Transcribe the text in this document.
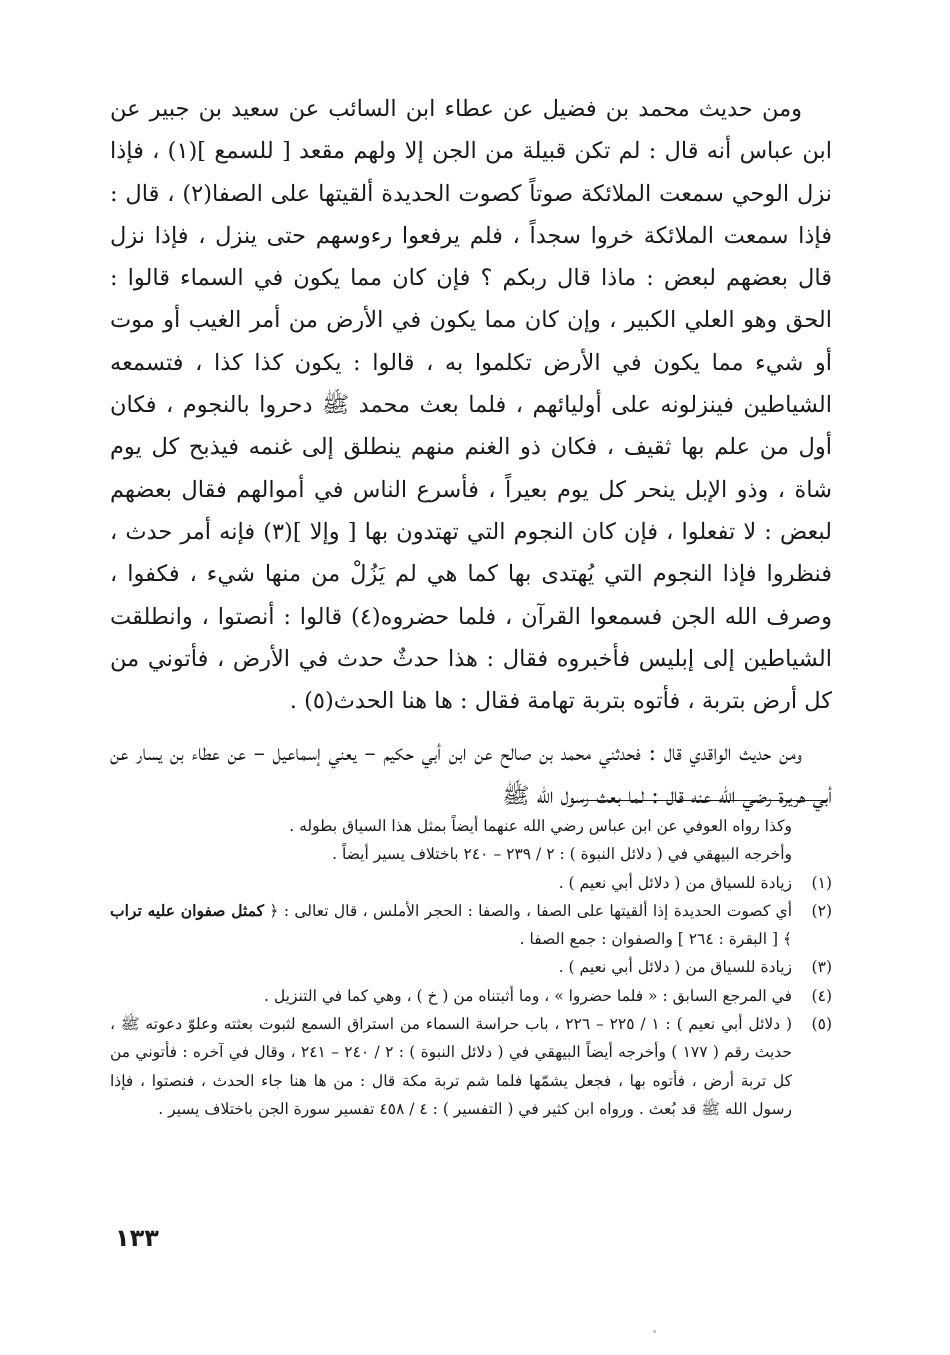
ومن حديث محمد بن فضيل عن عطاء ابن السائب عن سعيد بن جبير عن ابن عباس أنه قال : لم تكن قبيلة من الجن إلا ولهم مقعد [ للسمع ](١) ، فإذا نزل الوحي سمعت الملائكة صوتاً كصوت الحديدة ألقيتها على الصفا(٢) ، قال : فإذا سمعت الملائكة خروا سجداً ، فلم يرفعوا رءوسهم حتى ينزل ، فإذا نزل قال بعضهم لبعض : ماذا قال ربكم ؟ فإن كان مما يكون في السماء قالوا : الحق وهو العلي الكبير ، وإن كان مما يكون في الأرض من أمر الغيب أو موت أو شيء مما يكون في الأرض تكلموا به ، قالوا : يكون كذا كذا ، فتسمعه الشياطين فينزلونه على أوليائهم ، فلما بعث محمد ﷺ دحروا بالنجوم ، فكان أول من علم بها ثقيف ، فكان ذو الغنم منهم ينطلق إلى غنمه فيذبح كل يوم شاة ، وذو الإبل ينحر كل يوم بعيراً ، فأسرع الناس في أموالهم فقال بعضهم لبعض : لا تفعلوا ، فإن كان النجوم التي تهتدون بها [ وإلا ](٣) فإنه أمر حدث ، فنظروا فإذا النجوم التي يُهتدى بها كما هي لم يَزُلْ من منها شيء ، فكفوا ، وصرف الله الجن فسمعوا القرآن ، فلما حضروه(٤) قالوا : أنصتوا ، وانطلقت الشياطين إلى إبليس فأخبروه فقال : هذا حدثٌ حدث في الأرض ، فأتوني من كل أرض بتربة ، فأتوه بتربة تهامة فقال : ها هنا الحدث(٥) .

ومن حديث الواقدي قال : فحدثني محمد بن صالح عن ابن أبي حكيم – يعني إسماعيل – عن عطاء بن يسار عن أبي هريرة رضي الله عنه قال : لما بعث رسول الله ﷺ

وكذا رواه العوفي عن ابن عباس رضي الله عنهما أيضاً بمثل هذا السياق بطوله .

وأخرجه البيهقي في ( دلائل النبوة ) : ٢ / ٢٣٩ – ٢٤٠ باختلاف يسير أيضاً .

(١)
زيادة للسياق من ( دلائل أبي نعيم ) .
(٢)
أي كصوت الحديدة إذا ألقيتها على الصفا ، والصفا : الحجر الأملس ، قال تعالى : ﴿ كمثل صفوان عليه تراب ﴾ [ البقرة : ٢٦٤ ] والصفوان : جمع الصفا .
(٣)
زيادة للسياق من ( دلائل أبي نعيم ) .
(٤)
في المرجع السابق : « فلما حضروا » ، وما أثبتناه من ( خ ) ، وهي كما في التنزيل .
(٥)
( دلائل أبي نعيم ) : ١ / ٢٢٥ – ٢٢٦ ، باب حراسة السماء من استراق السمع لثبوت بعثته وعلوّ دعوته ﷺ ، حديث رقم ( ١٧٧ ) وأخرجه أيضاً البيهقي في ( دلائل النبوة ) : ٢ / ٢٤٠ – ٢٤١ ، وقال في آخره : فأتوني من كل تربة أرض ، فأتوه بها ، فجعل يشمّها فلما شم تربة مكة قال : من ها هنا جاء الحدث ، فنصتوا ، فإذا رسول الله ﷺ قد بُعث . ورواه ابن كثير في ( التفسير ) : ٤ / ٤٥٨ تفسير سورة الجن باختلاف يسير .
١٣٣
